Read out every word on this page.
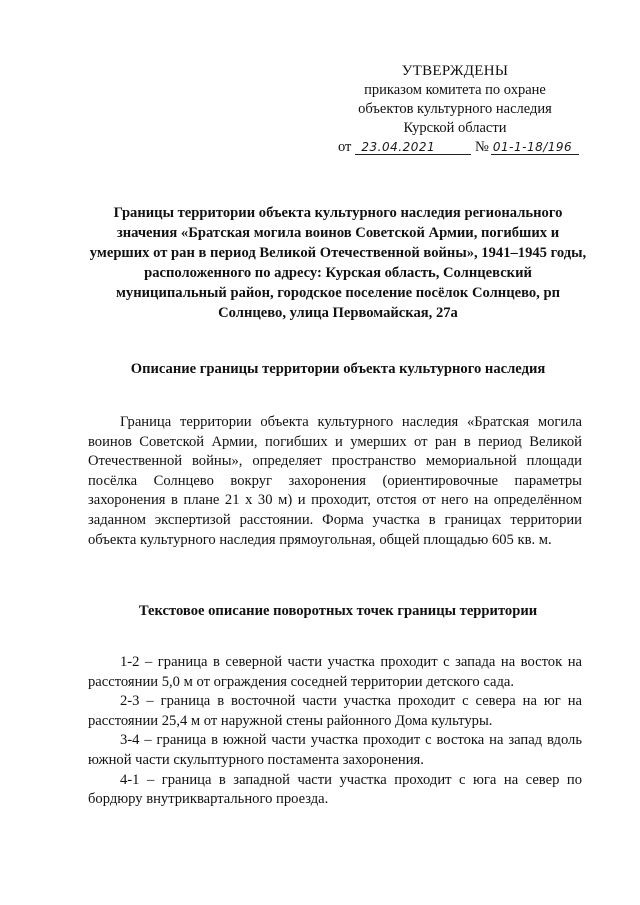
УТВЕРЖДЕНЫ
приказом комитета по охране
объектов культурного наследия
Курской области
от 23.04.2021	№ 01-1-18/196
Границы территории объекта культурного наследия регионального значения «Братская могила воинов Советской Армии, погибших и умерших от ран в период Великой Отечественной войны», 1941–1945 годы, расположенного по адресу: Курская область, Солнцевский муниципальный район, городское поселение посёлок Солнцево, рп Солнцево, улица Первомайская, 27а
Описание границы территории объекта культурного наследия

Граница территории объекта культурного наследия «Братская могила воинов Советской Армии, погибших и умерших от ран в период Великой Отечественной войны», определяет пространство мемориальной площади посёлка Солнцево вокруг захоронения (ориентировочные параметры захоронения в плане 21 х 30 м) и проходит, отстоя от него на определённом заданном экспертизой расстоянии. Форма участка в границах территории объекта культурного наследия прямоугольная, общей площадью 605 кв. м.

Текстовое описание поворотных точек границы территории

1-2 – граница в северной части участка проходит с запада на восток на расстоянии 5,0 м от ограждения соседней территории детского сада.

2-3 – граница в восточной части участка проходит с севера на юг на расстоянии 25,4 м от наружной стены районного Дома культуры.

3-4 – граница в южной части участка проходит с востока на запад вдоль южной части скульптурного постамента захоронения.

4-1 – граница в западной части участка проходит с юга на север по бордюру внутриквартального проезда.
